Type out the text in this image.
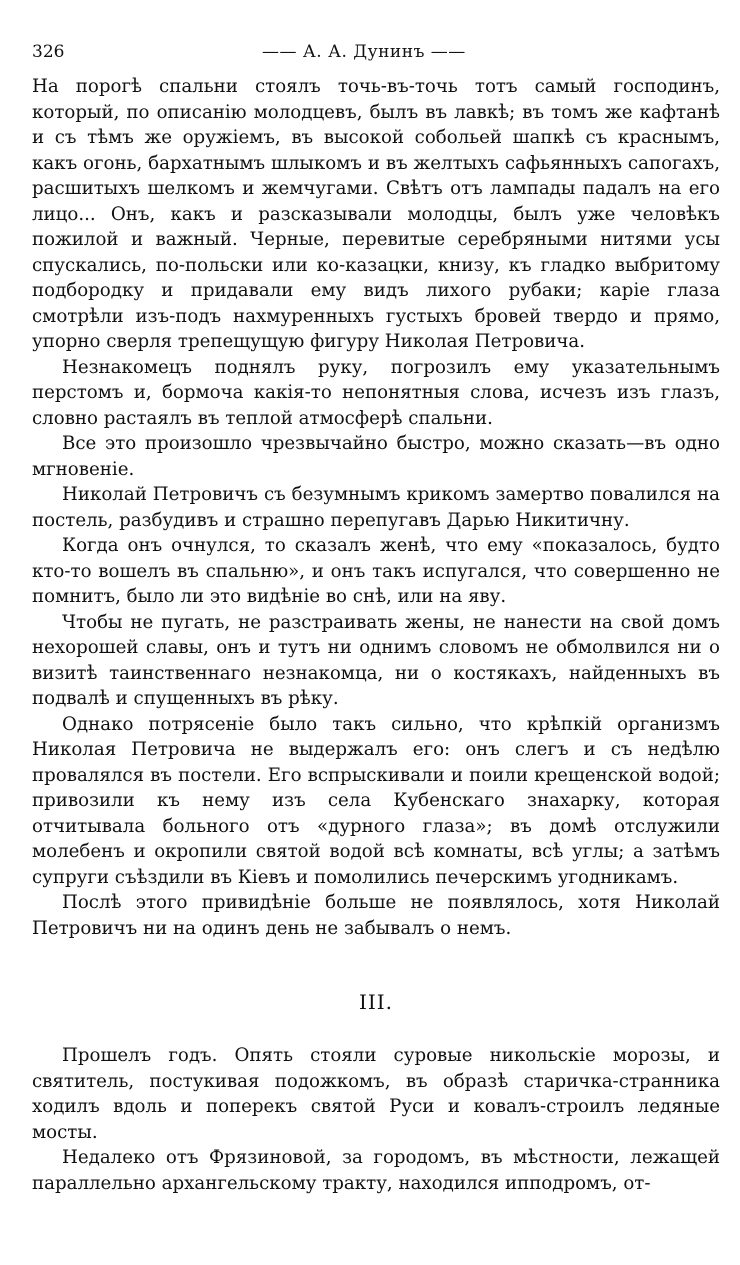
326	—— А. А. Дунинъ ——

На порогѣ спальни стоялъ точь-въ-точь тотъ самый господинъ, который, по описанію молодцевъ, былъ въ лавкѣ; въ томъ же кафтанѣ и съ тѣмъ же оружіемъ, въ высокой собольей шапкѣ съ краснымъ, какъ огонь, бархатнымъ шлыкомъ и въ желтыхъ сафьянныхъ сапогахъ, расшитыхъ шелкомъ и жемчугами. Свѣтъ отъ лампады падалъ на его лицо... Онъ, какъ и разсказывали молодцы, былъ уже человѣкъ пожилой и важный. Черные, перевитые серебряными нитями усы спускались, по-польски или ко-казацки, книзу, къ гладко выбритому подбородку и придавали ему видъ лихого рубаки; каріе глаза смотрѣли изъ-подъ нахмуренныхъ густыхъ бровей твердо и прямо, упорно сверля трепещущую фигуру Николая Петровича.

Незнакомецъ поднялъ руку, погрозилъ ему указательнымъ перстомъ и, бормоча какія-то непонятныя слова, исчезъ изъ глазъ, словно растаялъ въ теплой атмосферѣ спальни.

Все это произошло чрезвычайно быстро, можно сказать—въ одно мгновеніе.

Николай Петровичъ съ безумнымъ крикомъ замертво повалился на постель, разбудивъ и страшно перепугавъ Дарью Никитичну.

Когда онъ очнулся, то сказалъ женѣ, что ему «показалось, будто кто-то вошелъ въ спальню», и онъ такъ испугался, что совершенно не помнитъ, было ли это видѣніе во снѣ, или на яву.

Чтобы не пугать, не разстраивать жены, не нанести на свой домъ нехорошей славы, онъ и тутъ ни однимъ словомъ не обмолвился ни о визитѣ таинственнаго незнакомца, ни о костякахъ, найденныхъ въ подвалѣ и спущенныхъ въ рѣку.

Однако потрясеніе было такъ сильно, что крѣпкій организмъ Николая Петровича не выдержалъ его: онъ слегъ и съ недѣлю провалялся въ постели. Его вспрыскивали и поили крещенской водой; привозили къ нему изъ села Кубенскаго знахарку, которая отчитывала больного отъ «дурного глаза»; въ домѣ отслужили молебенъ и окропили святой водой всѣ комнаты, всѣ углы; а затѣмъ супруги съѣздили въ Кіевъ и помолились печерскимъ угодникамъ.

Послѣ этого привидѣніе больше не появлялось, хотя Николай Петровичъ ни на одинъ день не забывалъ о немъ.

III.

Прошелъ годъ. Опять стояли суровые никольскіе морозы, и святитель, постукивая подожкомъ, въ образѣ старичка-странника ходилъ вдоль и поперекъ святой Руси и ковалъ-строилъ ледяные мосты.

Недалеко отъ Фрязиновой, за городомъ, въ мѣстности, лежащей параллельно архангельскому тракту, находился ипподромъ, от-
